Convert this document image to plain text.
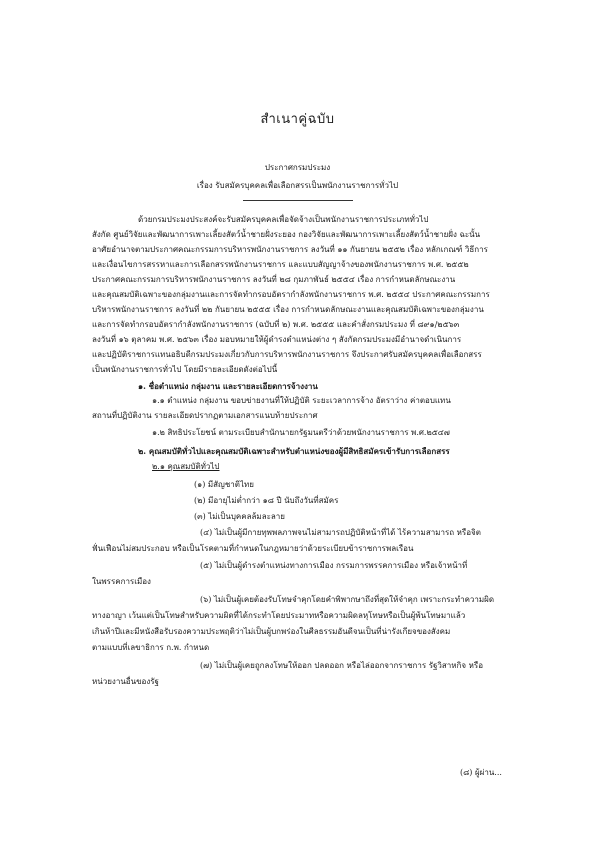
สำเนาคู่ฉบับ
ประกาศกรมประมง
เรื่อง รับสมัครบุคคลเพื่อเลือกสรรเป็นพนักงานราชการทั่วไป
ด้วยกรมประมงประสงค์จะรับสมัครบุคคลเพื่อจัดจ้างเป็นพนักงานราชการประเภททั่วไป
สังกัด ศูนย์วิจัยและพัฒนาการเพาะเลี้ยงสัตว์น้ำชายฝั่งระยอง กองวิจัยและพัฒนาการเพาะเลี้ยงสัตว์น้ำชายฝั่ง ฉะนั้น
อาศัยอำนาจตามประกาศคณะกรรมการบริหารพนักงานราชการ ลงวันที่ ๑๑ กันยายน ๒๕๕๒ เรื่อง หลักเกณฑ์ วิธีการ
และเงื่อนไขการสรรหาและการเลือกสรรพนักงานราชการ และแบบสัญญาจ้างของพนักงานราชการ พ.ศ. ๒๕๕๒
ประกาศคณะกรรมการบริหารพนักงานราชการ ลงวันที่ ๒๘ กุมภาพันธ์ ๒๕๕๔ เรื่อง การกำหนดลักษณะงาน
และคุณสมบัติเฉพาะของกลุ่มงานและการจัดทำกรอบอัตรากำลังพนักงานราชการ พ.ศ. ๒๕๕๔ ประกาศคณะกรรมการ
บริหารพนักงานราชการ ลงวันที่ ๒๒ กันยายน ๒๕๕๕ เรื่อง การกำหนดลักษณะงานและคุณสมบัติเฉพาะของกลุ่มงาน
และการจัดทำกรอบอัตรากำลังพนักงานราชการ (ฉบับที่ ๒) พ.ศ. ๒๕๕๕ และคำสั่งกรมประมง ที่ ๘๙๑/๒๕๖๓
ลงวันที่ ๑๖ ตุลาคม พ.ศ. ๒๕๖๓ เรื่อง มอบหมายให้ผู้ดำรงตำแหน่งต่าง ๆ สังกัดกรมประมงมีอำนาจดำเนินการ
และปฏิบัติราชการแทนอธิบดีกรมประมงเกี่ยวกับการบริหารพนักงานราชการ จึงประกาศรับสมัครบุคคลเพื่อเลือกสรร
เป็นพนักงานราชการทั่วไป โดยมีรายละเอียดดังต่อไปนี้
๑. ชื่อตำแหน่ง กลุ่มงาน และรายละเอียดการจ้างงาน
๑.๑ ตำแหน่ง กลุ่มงาน ขอบข่ายงานที่ให้ปฏิบัติ ระยะเวลาการจ้าง อัตราว่าง ค่าตอบแทน
สถานที่ปฏิบัติงาน รายละเอียดปรากฏตามเอกสารแนบท้ายประกาศ
๑.๒ สิทธิประโยชน์ ตามระเบียบสำนักนายกรัฐมนตรีว่าด้วยพนักงานราชการ พ.ศ.๒๕๔๗
๒. คุณสมบัติทั่วไปและคุณสมบัติเฉพาะสำหรับตำแหน่งของผู้มีสิทธิสมัครเข้ารับการเลือกสรร
๒.๑ คุณสมบัติทั่วไป
(๑) มีสัญชาติไทย
(๒) มีอายุไม่ต่ำกว่า ๑๘ ปี นับถึงวันที่สมัคร
(๓) ไม่เป็นบุคคลล้มละลาย
(๔) ไม่เป็นผู้มีกายทุพพลภาพจนไม่สามารถปฏิบัติหน้าที่ได้ ไร้ความสามารถ หรือจิต
ฟั่นเฟือนไม่สมประกอบ หรือเป็นโรคตามที่กำหนดในกฎหมายว่าด้วยระเบียบข้าราชการพลเรือน
(๕) ไม่เป็นผู้ดำรงตำแหน่งทางการเมือง กรรมการพรรคการเมือง หรือเจ้าหน้าที่
ในพรรคการเมือง
(๖) ไม่เป็นผู้เคยต้องรับโทษจำคุกโดยคำพิพากษาถึงที่สุดให้จำคุก เพราะกระทำความผิด
ทางอาญา เว้นแต่เป็นโทษสำหรับความผิดที่ได้กระทำโดยประมาทหรือความผิดลหุโทษหรือเป็นผู้พ้นโทษมาแล้ว
เกินห้าปีและมีหนังสือรับรองความประพฤติว่าไม่เป็นผู้บกพร่องในศีลธรรมอันดีจนเป็นที่น่ารังเกียจของสังคม
ตามแบบที่เลขาธิการ ก.พ. กำหนด
(๗) ไม่เป็นผู้เคยถูกลงโทษให้ออก ปลดออก หรือไล่ออกจากราชการ รัฐวิสาหกิจ หรือ
หน่วยงานอื่นของรัฐ
(๘) ผู้ผ่าน...
